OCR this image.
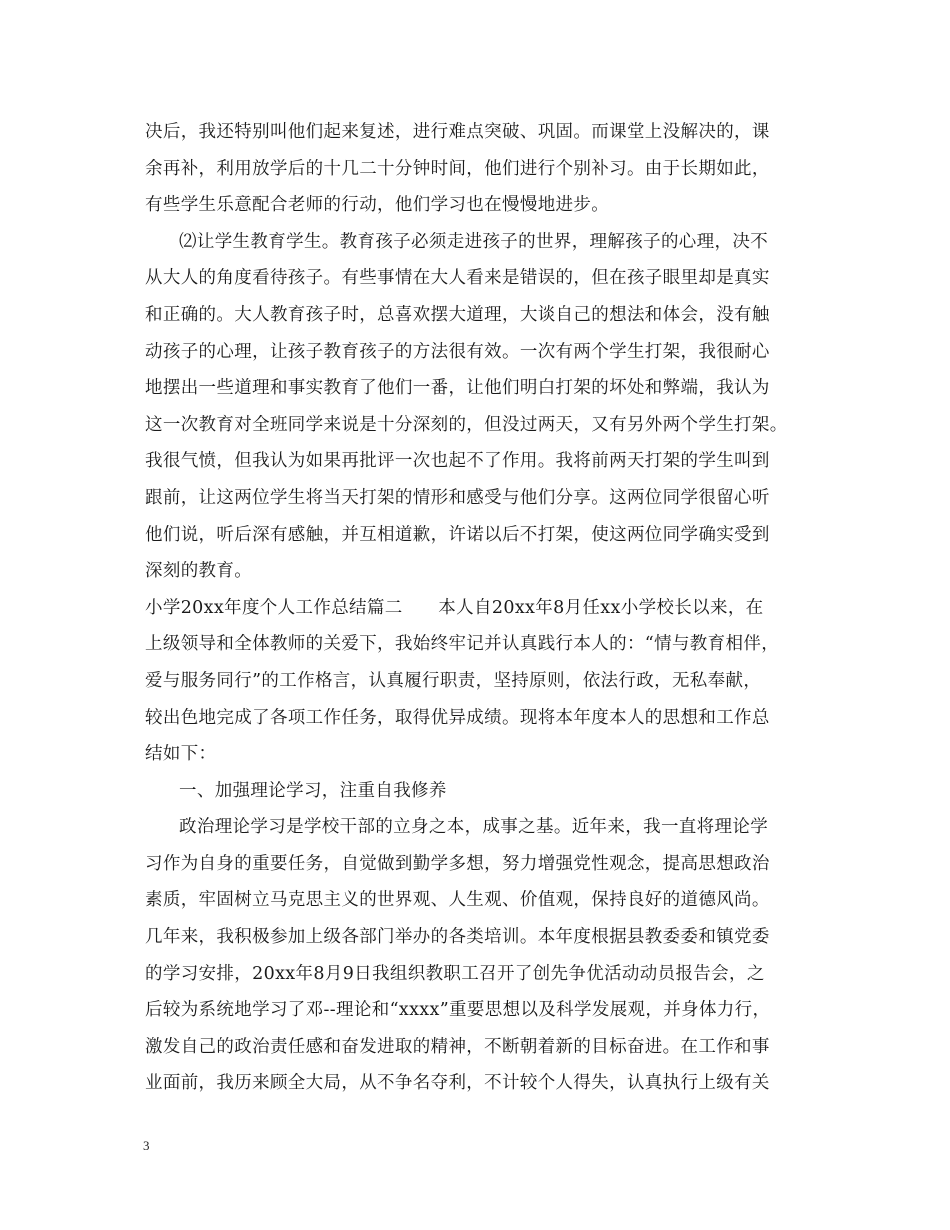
决后，我还特别叫他们起来复述，进行难点突破、巩固。而课堂上没解决的，课
余再补，利用放学后的十几二十分钟时间，他们进行个别补习。由于长期如此，
有些学生乐意配合老师的行动，他们学习也在慢慢地进步。
⑵让学生教育学生。教育孩子必须走进孩子的世界，理解孩子的心理，决不
从大人的角度看待孩子。有些事情在大人看来是错误的，但在孩子眼里却是真实
和正确的。大人教育孩子时，总喜欢摆大道理，大谈自己的想法和体会，没有触
动孩子的心理，让孩子教育孩子的方法很有效。一次有两个学生打架，我很耐心
地摆出一些道理和事实教育了他们一番，让他们明白打架的坏处和弊端，我认为
这一次教育对全班同学来说是十分深刻的，但没过两天，又有另外两个学生打架。
我很气愤，但我认为如果再批评一次也起不了作用。我将前两天打架的学生叫到
跟前，让这两位学生将当天打架的情形和感受与他们分享。这两位同学很留心听
他们说，听后深有感触，并互相道歉，许诺以后不打架，使这两位同学确实受到
深刻的教育。
小学20xx年度个人工作总结篇二　　本人自20xx年8月任xx小学校长以来，在
上级领导和全体教师的关爱下，我始终牢记并认真践行本人的：“情与教育相伴，
爱与服务同行”的工作格言，认真履行职责，坚持原则，依法行政，无私奉献，
较出色地完成了各项工作任务，取得优异成绩。现将本年度本人的思想和工作总
结如下：
一、加强理论学习，注重自我修养
政治理论学习是学校干部的立身之本，成事之基。近年来，我一直将理论学
习作为自身的重要任务，自觉做到勤学多想，努力增强党性观念，提高思想政治
素质，牢固树立马克思主义的世界观、人生观、价值观，保持良好的道德风尚。
几年来，我积极参加上级各部门举办的各类培训。本年度根据县教委委和镇党委
的学习安排，20xx年8月9日我组织教职工召开了创先争优活动动员报告会，之
后较为系统地学习了邓--理论和“xxxx”重要思想以及科学发展观，并身体力行，
激发自己的政治责任感和奋发进取的精神，不断朝着新的目标奋进。在工作和事
业面前，我历来顾全大局，从不争名夺利，不计较个人得失，认真执行上级有关
3
